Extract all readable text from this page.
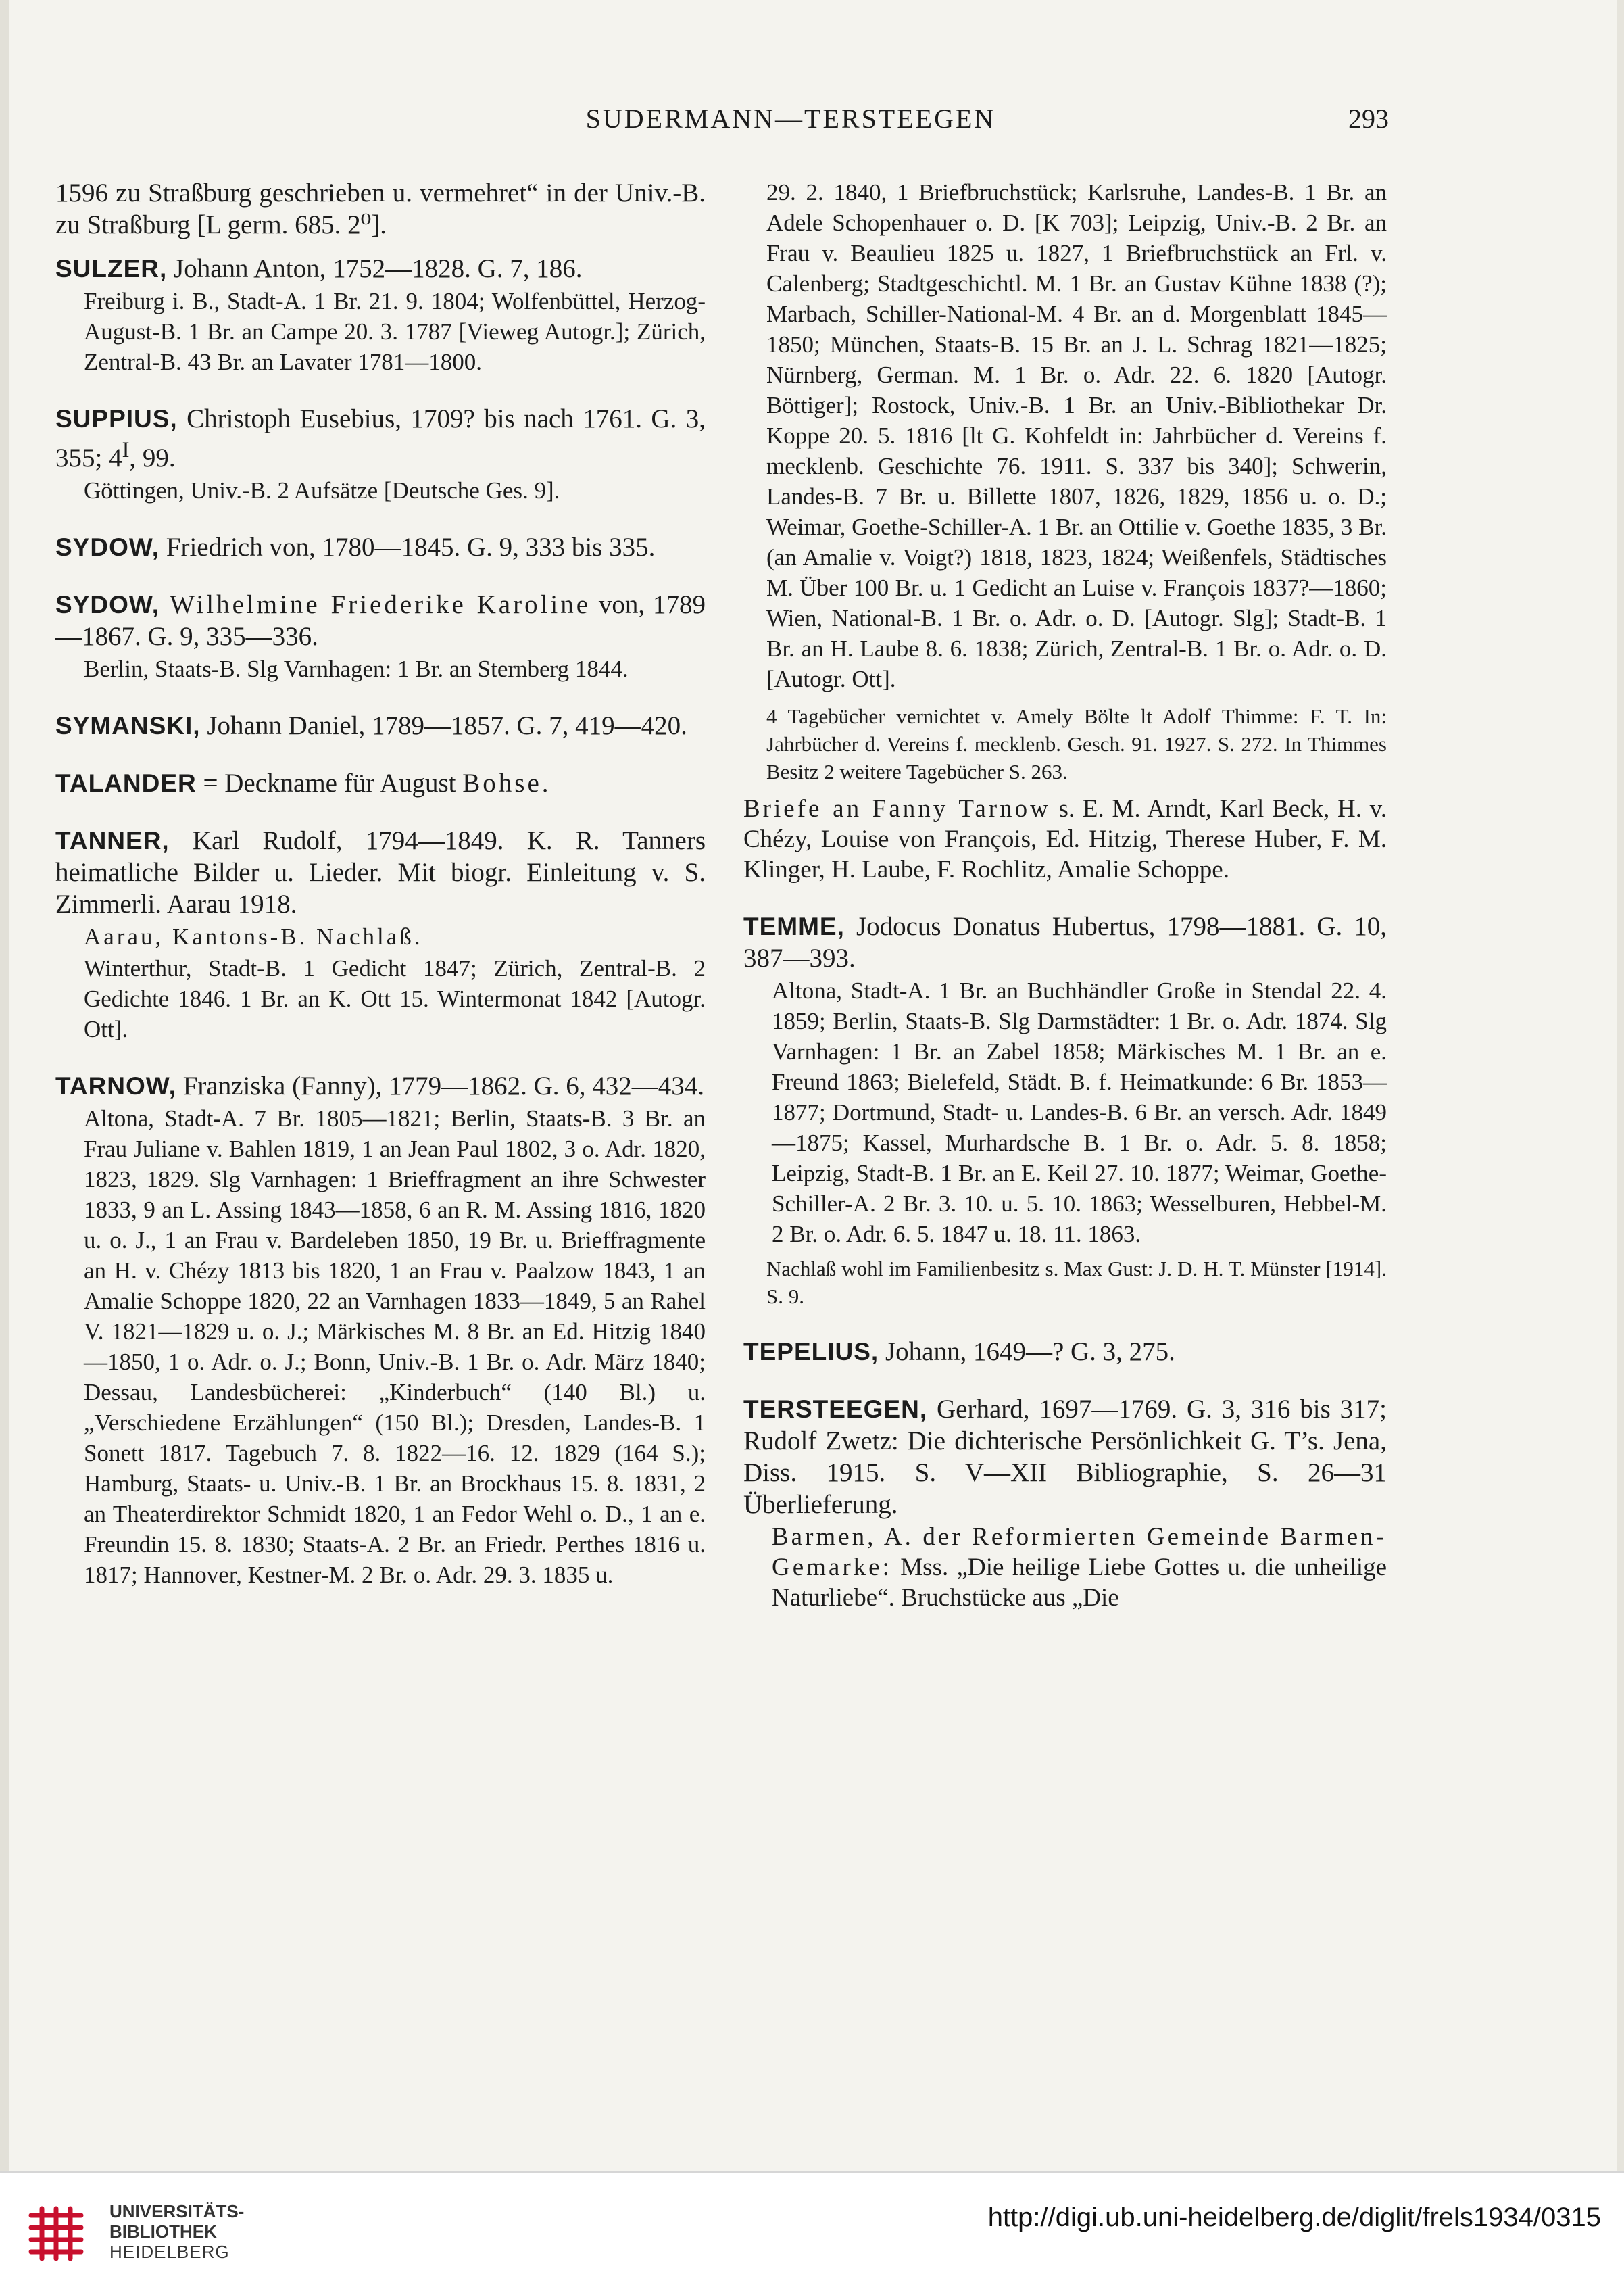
SUDERMANN—TERSTEEGEN	293
1596 zu Straßburg geschrieben u. vermehret“ in der Univ.-B. zu Straßburg [L germ. 685. 2⁰].
SULZER, Johann Anton, 1752—1828. G. 7, 186.
Freiburg i. B., Stadt-A. 1 Br. 21. 9. 1804; Wolfenbüttel, Herzog-August-B. 1 Br. an Campe 20. 3. 1787 [Vieweg Autogr.]; Zürich, Zentral-B. 43 Br. an Lavater 1781—1800.
SUPPIUS, Christoph Eusebius, 1709? bis nach 1761. G. 3, 355; $4^I$, 99.
Göttingen, Univ.-B. 2 Aufsätze [Deutsche Ges. 9].
SYDOW, Friedrich von, 1780—1845. G. 9, 333 bis 335.
SYDOW, Wilhelmine Friederike Karoline von, 1789—1867. G. 9, 335—336.
Berlin, Staats-B. Slg Varnhagen: 1 Br. an Sternberg 1844.
SYMANSKI, Johann Daniel, 1789—1857. G. 7, 419—420.
TALANDER = Deckname für August Bohse.
TANNER, Karl Rudolf, 1794—1849. K. R. Tanners heimatliche Bilder u. Lieder. Mit biogr. Einleitung v. S. Zimmerli. Aarau 1918.
Aarau, Kantons-B. Nachlaß.
Winterthur, Stadt-B. 1 Gedicht 1847; Zürich, Zentral-B. 2 Gedichte 1846. 1 Br. an K. Ott 15. Wintermonat 1842 [Autogr. Ott].
TARNOW, Franziska (Fanny), 1779—1862. G. 6, 432—434.
Altona, Stadt-A. 7 Br. 1805—1821; Berlin, Staats-B. 3 Br. an Frau Juliane v. Bahlen 1819, 1 an Jean Paul 1802, 3 o. Adr. 1820, 1823, 1829. Slg Varnhagen: 1 Brieffragment an ihre Schwester 1833, 9 an L. Assing 1843—1858, 6 an R. M. Assing 1816, 1820 u. o. J., 1 an Frau v. Bardeleben 1850, 19 Br. u. Brieffragmente an H. v. Chézy 1813 bis 1820, 1 an Frau v. Paalzow 1843, 1 an Amalie Schoppe 1820, 22 an Varnhagen 1833—1849, 5 an Rahel V. 1821—1829 u. o. J.; Märkisches M. 8 Br. an Ed. Hitzig 1840—1850, 1 o. Adr. o. J.; Bonn, Univ.-B. 1 Br. o. Adr. März 1840; Dessau, Landesbücherei: „Kinderbuch“ (140 Bl.) u. „Verschiedene Erzählungen“ (150 Bl.); Dresden, Landes-B. 1 Sonett 1817. Tagebuch 7. 8. 1822—16. 12. 1829 (164 S.); Hamburg, Staats- u. Univ.-B. 1 Br. an Brockhaus 15. 8. 1831, 2 an Theaterdirektor Schmidt 1820, 1 an Fedor Wehl o. D., 1 an e. Freundin 15. 8. 1830; Staats-A. 2 Br. an Friedr. Perthes 1816 u. 1817; Hannover, Kestner-M. 2 Br. o. Adr. 29. 3. 1835 u.
29. 2. 1840, 1 Briefbruchstück; Karlsruhe, Landes-B. 1 Br. an Adele Schopenhauer o. D. [K 703]; Leipzig, Univ.-B. 2 Br. an Frau v. Beaulieu 1825 u. 1827, 1 Briefbruchstück an Frl. v. Calenberg; Stadtgeschichtl. M. 1 Br. an Gustav Kühne 1838 (?); Marbach, Schiller-National-M. 4 Br. an d. Morgenblatt 1845—1850; München, Staats-B. 15 Br. an J. L. Schrag 1821—1825; Nürnberg, German. M. 1 Br. o. Adr. 22. 6. 1820 [Autogr. Böttiger]; Rostock, Univ.-B. 1 Br. an Univ.-Bibliothekar Dr. Koppe 20. 5. 1816 [lt G. Kohfeldt in: Jahrbücher d. Vereins f. mecklenb. Geschichte 76. 1911. S. 337 bis 340]; Schwerin, Landes-B. 7 Br. u. Billette 1807, 1826, 1829, 1856 u. o. D.; Weimar, Goethe-Schiller-A. 1 Br. an Ottilie v. Goethe 1835, 3 Br. (an Amalie v. Voigt?) 1818, 1823, 1824; Weißenfels, Städtisches M. Über 100 Br. u. 1 Gedicht an Luise v. François 1837?—1860; Wien, National-B. 1 Br. o. Adr. o. D. [Autogr. Slg]; Stadt-B. 1 Br. an H. Laube 8. 6. 1838; Zürich, Zentral-B. 1 Br. o. Adr. o. D. [Autogr. Ott].
4 Tagebücher vernichtet v. Amely Bölte lt Adolf Thimme: F. T. In: Jahrbücher d. Vereins f. mecklenb. Gesch. 91. 1927. S. 272. In Thimmes Besitz 2 weitere Tagebücher S. 263.
Briefe an Fanny Tarnow s. E. M. Arndt, Karl Beck, H. v. Chézy, Louise von François, Ed. Hitzig, Therese Huber, F. M. Klinger, H. Laube, F. Rochlitz, Amalie Schoppe.
TEMME, Jodocus Donatus Hubertus, 1798—1881. G. 10, 387—393.
Altona, Stadt-A. 1 Br. an Buchhändler Große in Stendal 22. 4. 1859; Berlin, Staats-B. Slg Darmstädter: 1 Br. o. Adr. 1874. Slg Varnhagen: 1 Br. an Zabel 1858; Märkisches M. 1 Br. an e. Freund 1863; Bielefeld, Städt. B. f. Heimatkunde: 6 Br. 1853—1877; Dortmund, Stadt- u. Landes-B. 6 Br. an versch. Adr. 1849—1875; Kassel, Murhardsche B. 1 Br. o. Adr. 5. 8. 1858; Leipzig, Stadt-B. 1 Br. an E. Keil 27. 10. 1877; Weimar, Goethe-Schiller-A. 2 Br. 3. 10. u. 5. 10. 1863; Wesselburen, Hebbel-M. 2 Br. o. Adr. 6. 5. 1847 u. 18. 11. 1863.
Nachlaß wohl im Familienbesitz s. Max Gust: J. D. H. T. Münster [1914]. S. 9.
TEPELIUS, Johann, 1649—? G. 3, 275.
TERSTEEGEN, Gerhard, 1697—1769. G. 3, 316 bis 317; Rudolf Zwetz: Die dichterische Persönlichkeit G. T’s. Jena, Diss. 1915. S. V—XII Bibliographie, S. 26—31 Überlieferung.
Barmen, A. der Reformierten Gemeinde Barmen-Gemarke: Mss. „Die heilige Liebe Gottes u. die unheilige Naturliebe“. Bruchstücke aus „Die
UNIVERSITÄTS-
BIBLIOTHEK
HEIDELBERG
http://digi.ub.uni-heidelberg.de/diglit/frels1934/0315
